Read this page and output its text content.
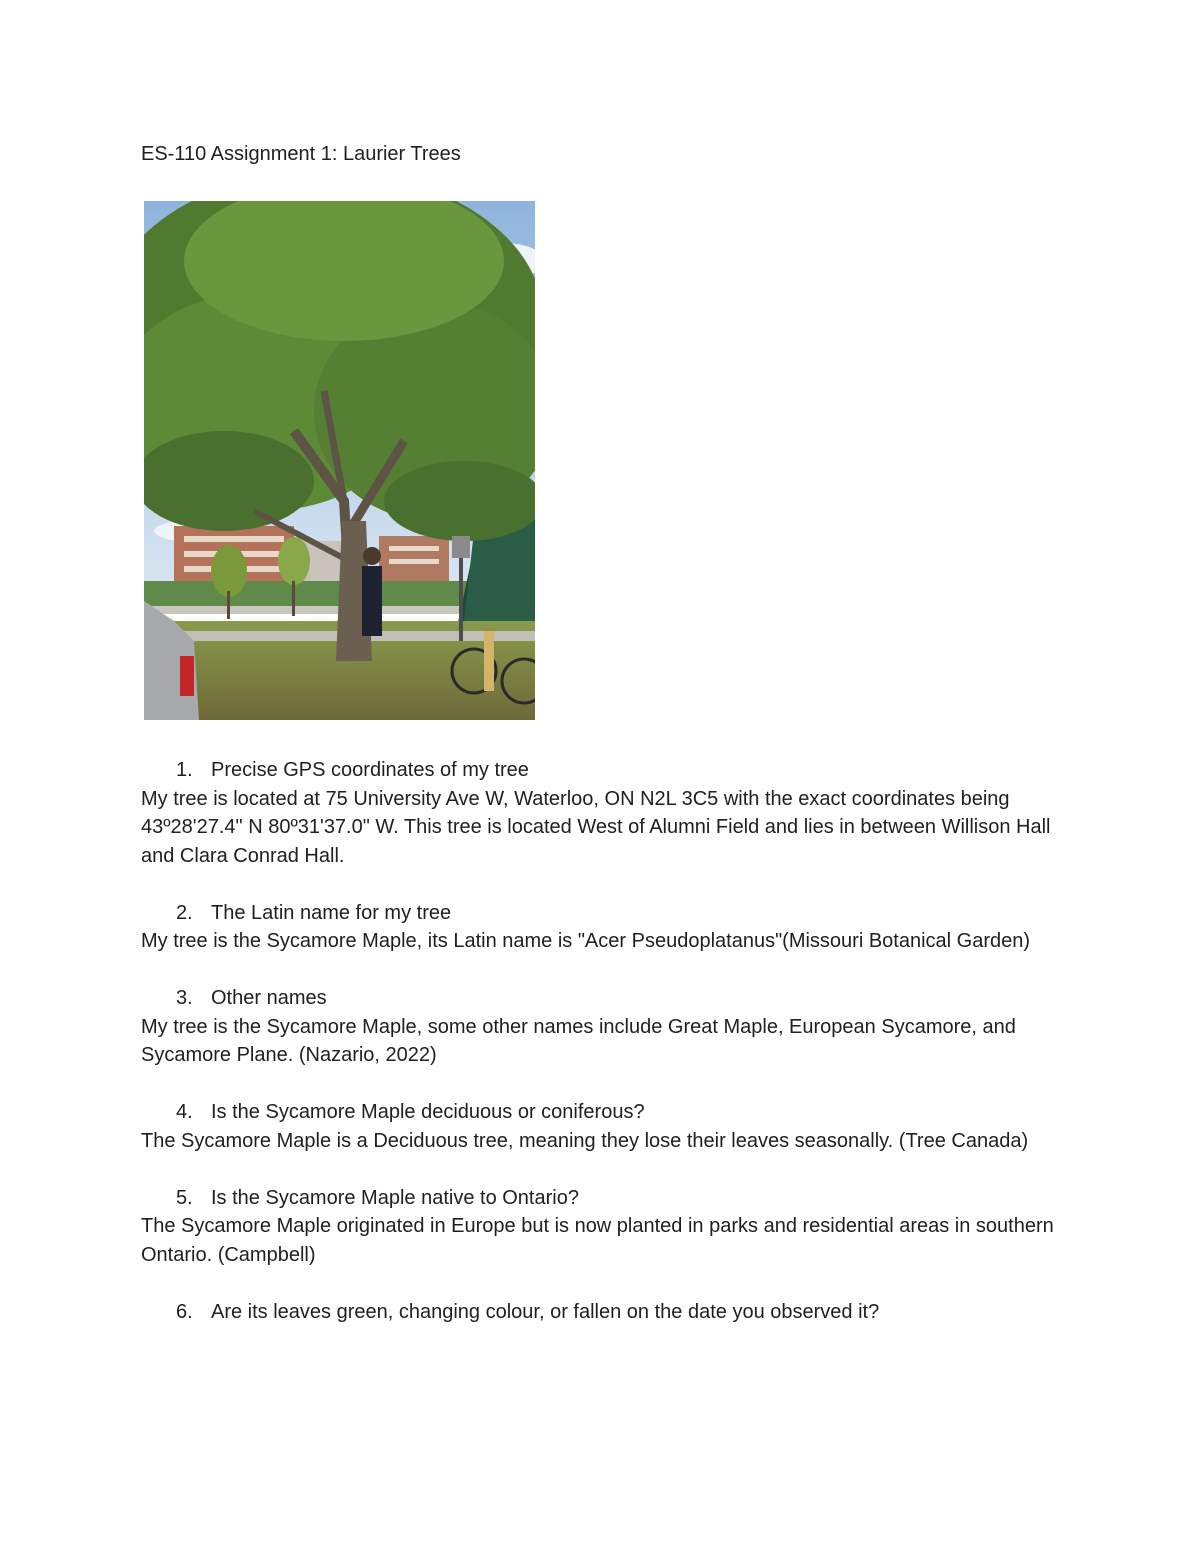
ES-110 Assignment 1: Laurier Trees

1. Precise GPS coordinates of my tree

My tree is located at 75 University Ave W, Waterloo, ON N2L 3C5 with the exact coordinates being 43º28'27.4" N 80º31'37.0" W. This tree is located West of Alumni Field and lies in between Willison Hall and Clara Conrad Hall.

2. The Latin name for my tree

My tree is the Sycamore Maple, its Latin name is "Acer Pseudoplatanus"(Missouri Botanical Garden)

3. Other names

My tree is the Sycamore Maple, some other names include Great Maple, European Sycamore, and Sycamore Plane. (Nazario, 2022)

4. Is the Sycamore Maple deciduous or coniferous?

The Sycamore Maple is a Deciduous tree, meaning they lose their leaves seasonally. (Tree Canada)

5. Is the Sycamore Maple native to Ontario?

The Sycamore Maple originated in Europe but is now planted in parks and residential areas in southern Ontario. (Campbell)

6. Are its leaves green, changing colour, or fallen on the date you observed it?
